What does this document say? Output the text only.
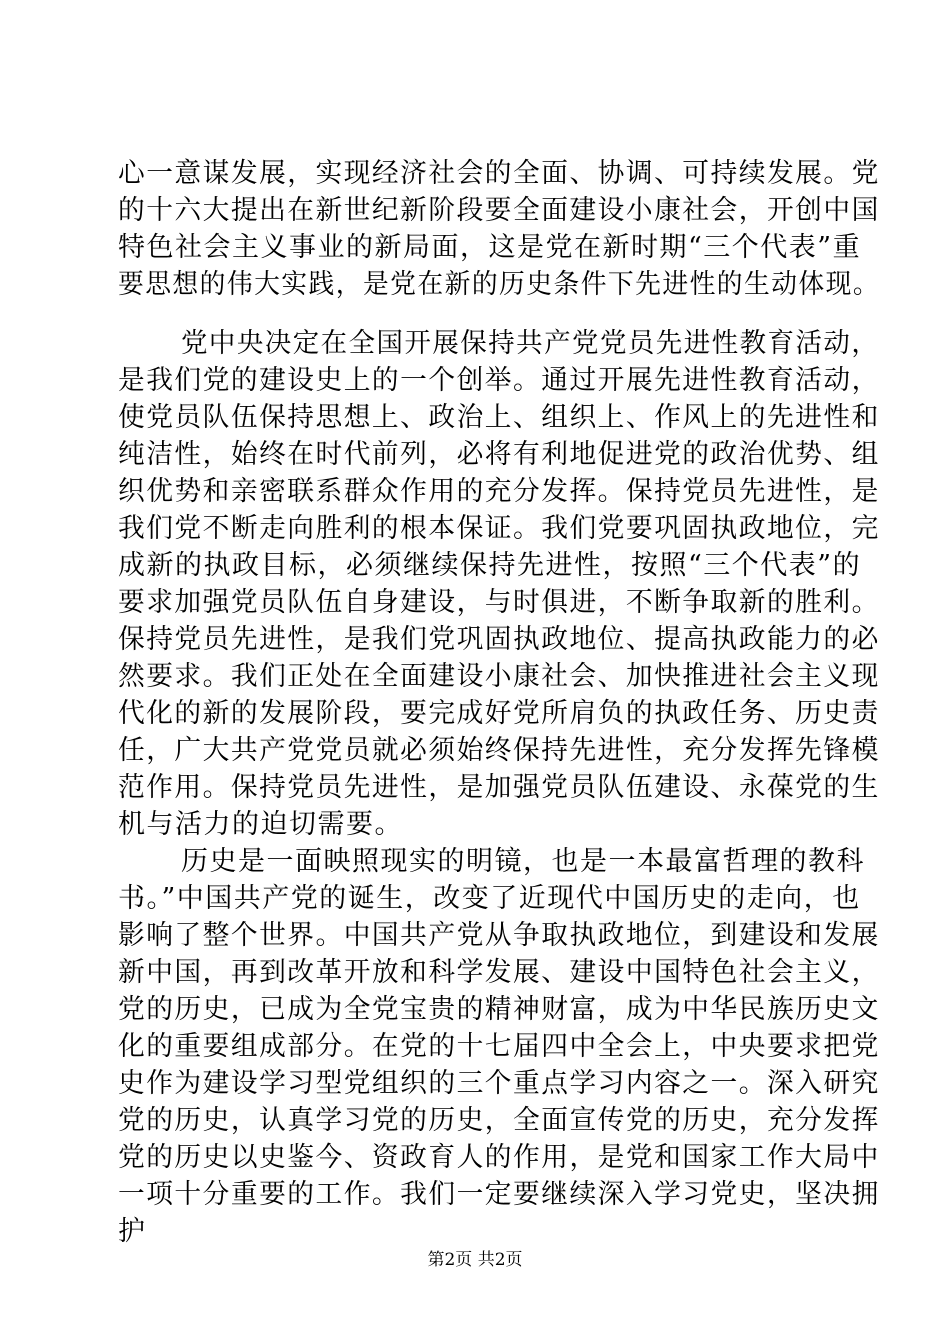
心一意谋发展，实现经济社会的全面、协调、可持续发展。党
的十六大提出在新世纪新阶段要全面建设小康社会，开创中国
特色社会主义事业的新局面，这是党在新时期“三个代表”重
要思想的伟大实践，是党在新的历史条件下先进性的生动体现。
党中央决定在全国开展保持共产党党员先进性教育活动，
是我们党的建设史上的一个创举。通过开展先进性教育活动，
使党员队伍保持思想上、政治上、组织上、作风上的先进性和
纯洁性，始终在时代前列，必将有利地促进党的政治优势、组
织优势和亲密联系群众作用的充分发挥。保持党员先进性，是
我们党不断走向胜利的根本保证。我们党要巩固执政地位，完
成新的执政目标，必须继续保持先进性，按照“三个代表”的
要求加强党员队伍自身建设，与时俱进，不断争取新的胜利。
保持党员先进性，是我们党巩固执政地位、提高执政能力的必
然要求。我们正处在全面建设小康社会、加快推进社会主义现
代化的新的发展阶段，要完成好党所肩负的执政任务、历史责
任，广大共产党党员就必须始终保持先进性，充分发挥先锋模
范作用。保持党员先进性，是加强党员队伍建设、永葆党的生
机与活力的迫切需要。
历史是一面映照现实的明镜，也是一本最富哲理的教科
书。”中国共产党的诞生，改变了近现代中国历史的走向，也
影响了整个世界。中国共产党从争取执政地位，到建设和发展
新中国，再到改革开放和科学发展、建设中国特色社会主义，
党的历史，已成为全党宝贵的精神财富，成为中华民族历史文
化的重要组成部分。在党的十七届四中全会上，中央要求把党
史作为建设学习型党组织的三个重点学习内容之一。深入研究
党的历史，认真学习党的历史，全面宣传党的历史，充分发挥
党的历史以史鉴今、资政育人的作用，是党和国家工作大局中
一项十分重要的工作。我们一定要继续深入学习党史，坚决拥
护
第2页 共2页
